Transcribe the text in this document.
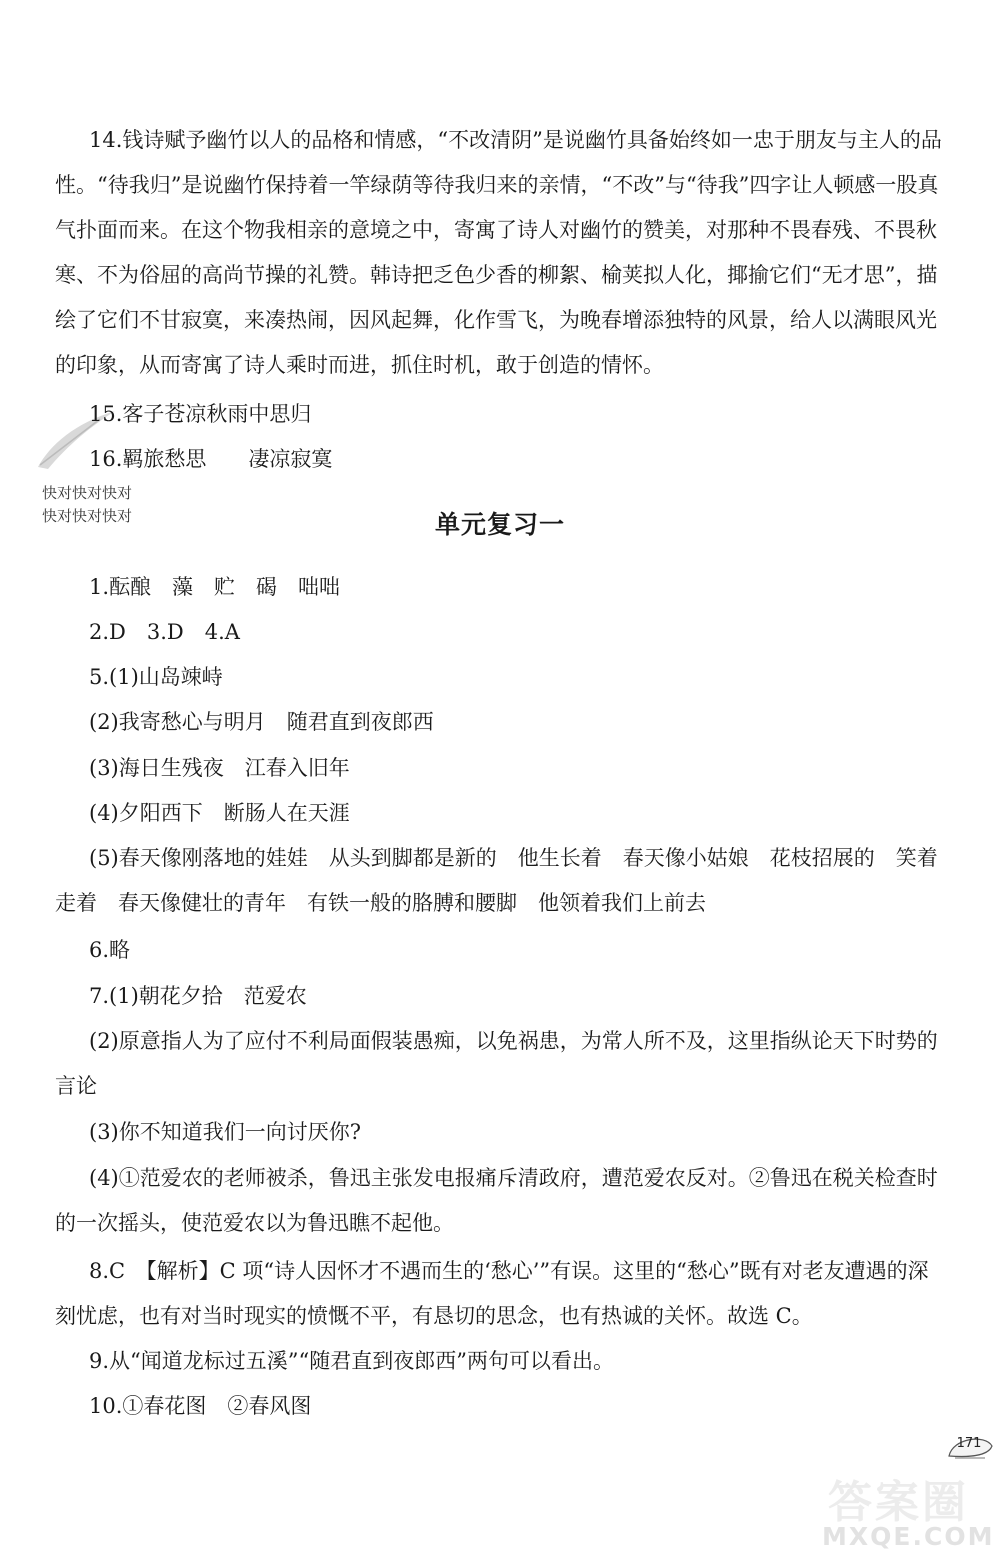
14.钱诗赋予幽竹以人的品格和情感，“不改清阴”是说幽竹具备始终如一忠于朋友与主人的品性。“待我归”是说幽竹保持着一竿绿荫等待我归来的亲情，“不改”与“待我”四字让人顿感一股真气扑面而来。在这个物我相亲的意境之中，寄寓了诗人对幽竹的赞美，对那种不畏春残、不畏秋寒、不为俗屈的高尚节操的礼赞。韩诗把乏色少香的柳絮、榆荚拟人化，揶揄它们“无才思”，描绘了它们不甘寂寞，来凑热闹，因风起舞，化作雪飞，为晚春增添独特的风景，给人以满眼风光的印象，从而寄寓了诗人乘时而进，抓住时机，敢于创造的情怀。

15.客子苍凉秋雨中思归

16.羁旅愁思　　凄凉寂寞

快对快对快对
快对快对快对	单元复习一

1.酝酿　藻　贮　碣　咄咄

2.D　3.D　4.A

5.(1)山岛竦峙

(2)我寄愁心与明月　随君直到夜郎西

(3)海日生残夜　江春入旧年

(4)夕阳西下　断肠人在天涯

(5)春天像刚落地的娃娃　从头到脚都是新的　他生长着　春天像小姑娘　花枝招展的　笑着　走着　春天像健壮的青年　有铁一般的胳膊和腰脚　他领着我们上前去

6.略

7.(1)朝花夕拾　范爱农

(2)原意指人为了应付不利局面假装愚痴，以免祸患，为常人所不及，这里指纵论天下时势的言论

(3)你不知道我们一向讨厌你?

(4)①范爱农的老师被杀，鲁迅主张发电报痛斥清政府，遭范爱农反对。②鲁迅在税关检查时的一次摇头，使范爱农以为鲁迅瞧不起他。

8.C　【解析】C 项“诗人因怀才不遇而生的‘愁心’”有误。这里的“愁心”既有对老友遭遇的深刻忧虑，也有对当时现实的愤慨不平，有恳切的思念，也有热诚的关怀。故选 C。

9.从“闻道龙标过五溪”“随君直到夜郎西”两句可以看出。

10.①春花图　②春风图

答案圈
MXQE.COM
171
